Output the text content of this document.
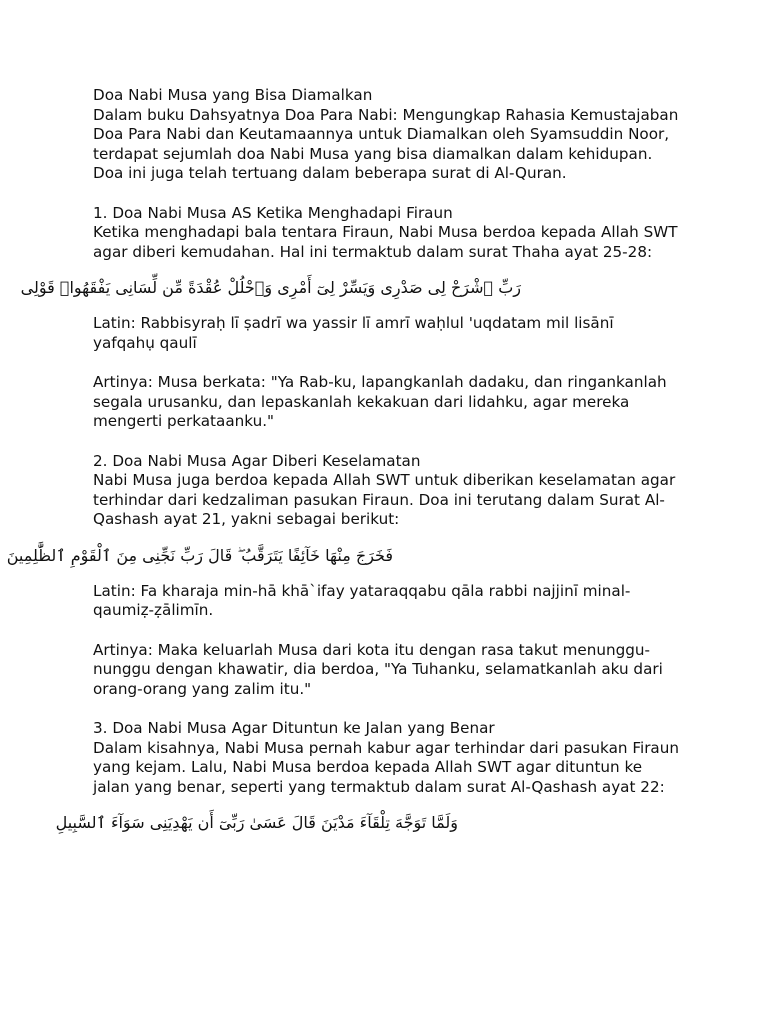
Doa Nabi Musa yang Bisa Diamalkan

Dalam buku Dahsyatnya Doa Para Nabi: Mengungkap Rahasia Kemustajaban Doa Para Nabi dan Keutamaannya untuk Diamalkan oleh Syamsuddin Noor, terdapat sejumlah doa Nabi Musa yang bisa diamalkan dalam kehidupan. Doa ini juga telah tertuang dalam beberapa surat di Al-Quran.

1. Doa Nabi Musa AS Ketika Menghadapi Firaun

Ketika menghadapi bala tentara Firaun, Nabi Musa berdoa kepada Allah SWT agar diberi kemudahan. Hal ini termaktub dalam surat Thaha ayat 25-28:

رَبِّ ٱشْرَحْ لِى صَدْرِى وَيَسِّرْ لِىٓ أَمْرِى وَٱحْلُلْ عُقْدَةً مِّن لِّسَانِى يَفْقَهُوا۟ قَوْلِى

Latin: Rabbisyraḥ lī ṣadrī wa yassir lī amrī waḥlul 'uqdatam mil lisānī yafqahụ qaulī

Artinya: Musa berkata: "Ya Rab-ku, lapangkanlah dadaku, dan ringankanlah segala urusanku, dan lepaskanlah kekakuan dari lidahku, agar mereka mengerti perkataanku."

2. Doa Nabi Musa Agar Diberi Keselamatan

Nabi Musa juga berdoa kepada Allah SWT untuk diberikan keselamatan agar terhindar dari kedzaliman pasukan Firaun. Doa ini terutang dalam Surat Al-Qashash ayat 21, yakni sebagai berikut:

فَخَرَجَ مِنْهَا خَآئِفًا يَتَرَقَّبُ ۖ قَالَ رَبِّ نَجِّنِى مِنَ ٱلْقَوْمِ ٱلظَّٰلِمِينَ

Latin: Fa kharaja min-hā khā`ifay yataraqqabu qāla rabbi najjinī minal-qaumiẓ-ẓālimīn.

Artinya: Maka keluarlah Musa dari kota itu dengan rasa takut menunggu-nunggu dengan khawatir, dia berdoa, "Ya Tuhanku, selamatkanlah aku dari orang-orang yang zalim itu."

3. Doa Nabi Musa Agar Dituntun ke Jalan yang Benar

Dalam kisahnya, Nabi Musa pernah kabur agar terhindar dari pasukan Firaun yang kejam. Lalu, Nabi Musa berdoa kepada Allah SWT agar dituntun ke jalan yang benar, seperti yang termaktub dalam surat Al-Qashash ayat 22:

وَلَمَّا تَوَجَّهَ تِلْقَآءَ مَدْيَنَ قَالَ عَسَىٰ رَبِّىٓ أَن يَهْدِيَنِى سَوَآءَ ٱلسَّبِيلِ
